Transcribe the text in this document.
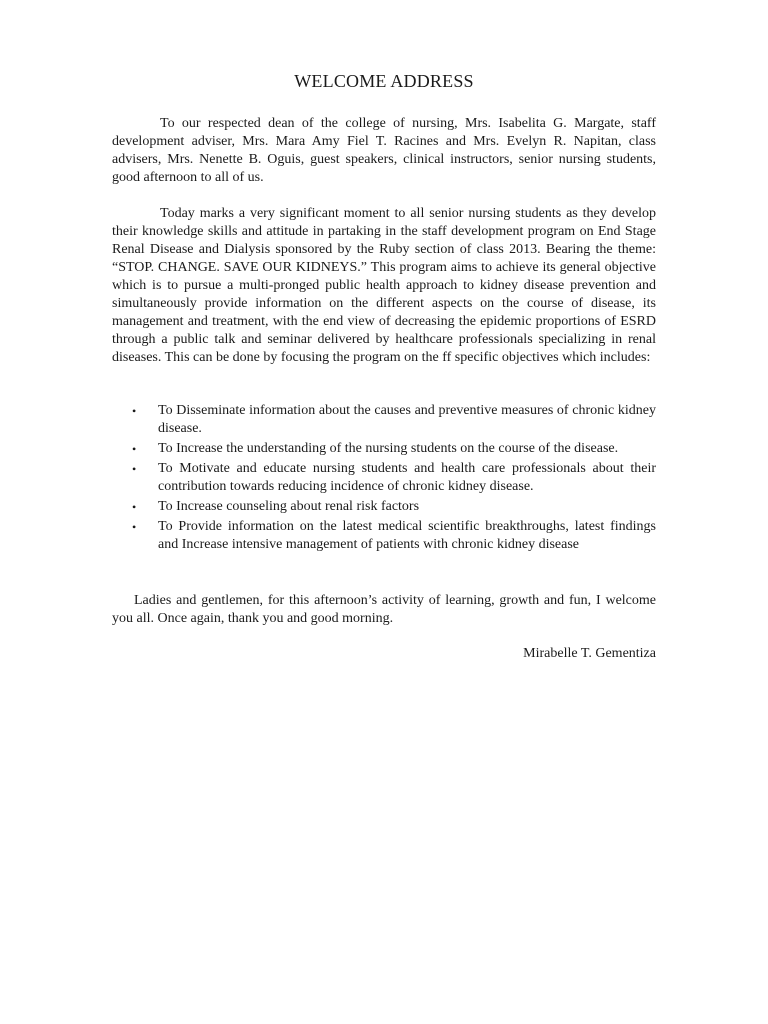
WELCOME ADDRESS

To our respected dean of the college of nursing, Mrs. Isabelita G. Margate, staff development adviser, Mrs. Mara Amy Fiel T. Racines and Mrs. Evelyn R. Napitan, class advisers, Mrs. Nenette B. Oguis, guest speakers, clinical instructors, senior nursing students, good afternoon to all of us.

Today marks a very significant moment to all senior nursing students as they develop their knowledge skills and attitude in partaking in the staff development program on End Stage Renal Disease and Dialysis sponsored by the Ruby section of class 2013. Bearing the theme: “STOP. CHANGE. SAVE OUR KIDNEYS.” This program aims to achieve its general objective which is to pursue a multi-pronged public health approach to kidney disease prevention and simultaneously provide information on the different aspects on the course of disease, its management and treatment, with the end view of decreasing the epidemic proportions of ESRD through a public talk and seminar delivered by healthcare professionals specializing in renal diseases. This can be done by focusing the program on the ff specific objectives which includes:

• To Disseminate information about the causes and preventive measures of chronic kidney disease.
• To Increase the understanding of the nursing students on the course of the disease.
• To Motivate and educate nursing students and health care professionals about their contribution towards reducing incidence of chronic kidney disease.
• To Increase counseling about renal risk factors
• To Provide information on the latest medical scientific breakthroughs, latest findings and Increase intensive management of patients with chronic kidney disease

Ladies and gentlemen, for this afternoon’s activity of learning, growth and fun, I welcome you all. Once again, thank you and good morning.

Mirabelle T. Gementiza
